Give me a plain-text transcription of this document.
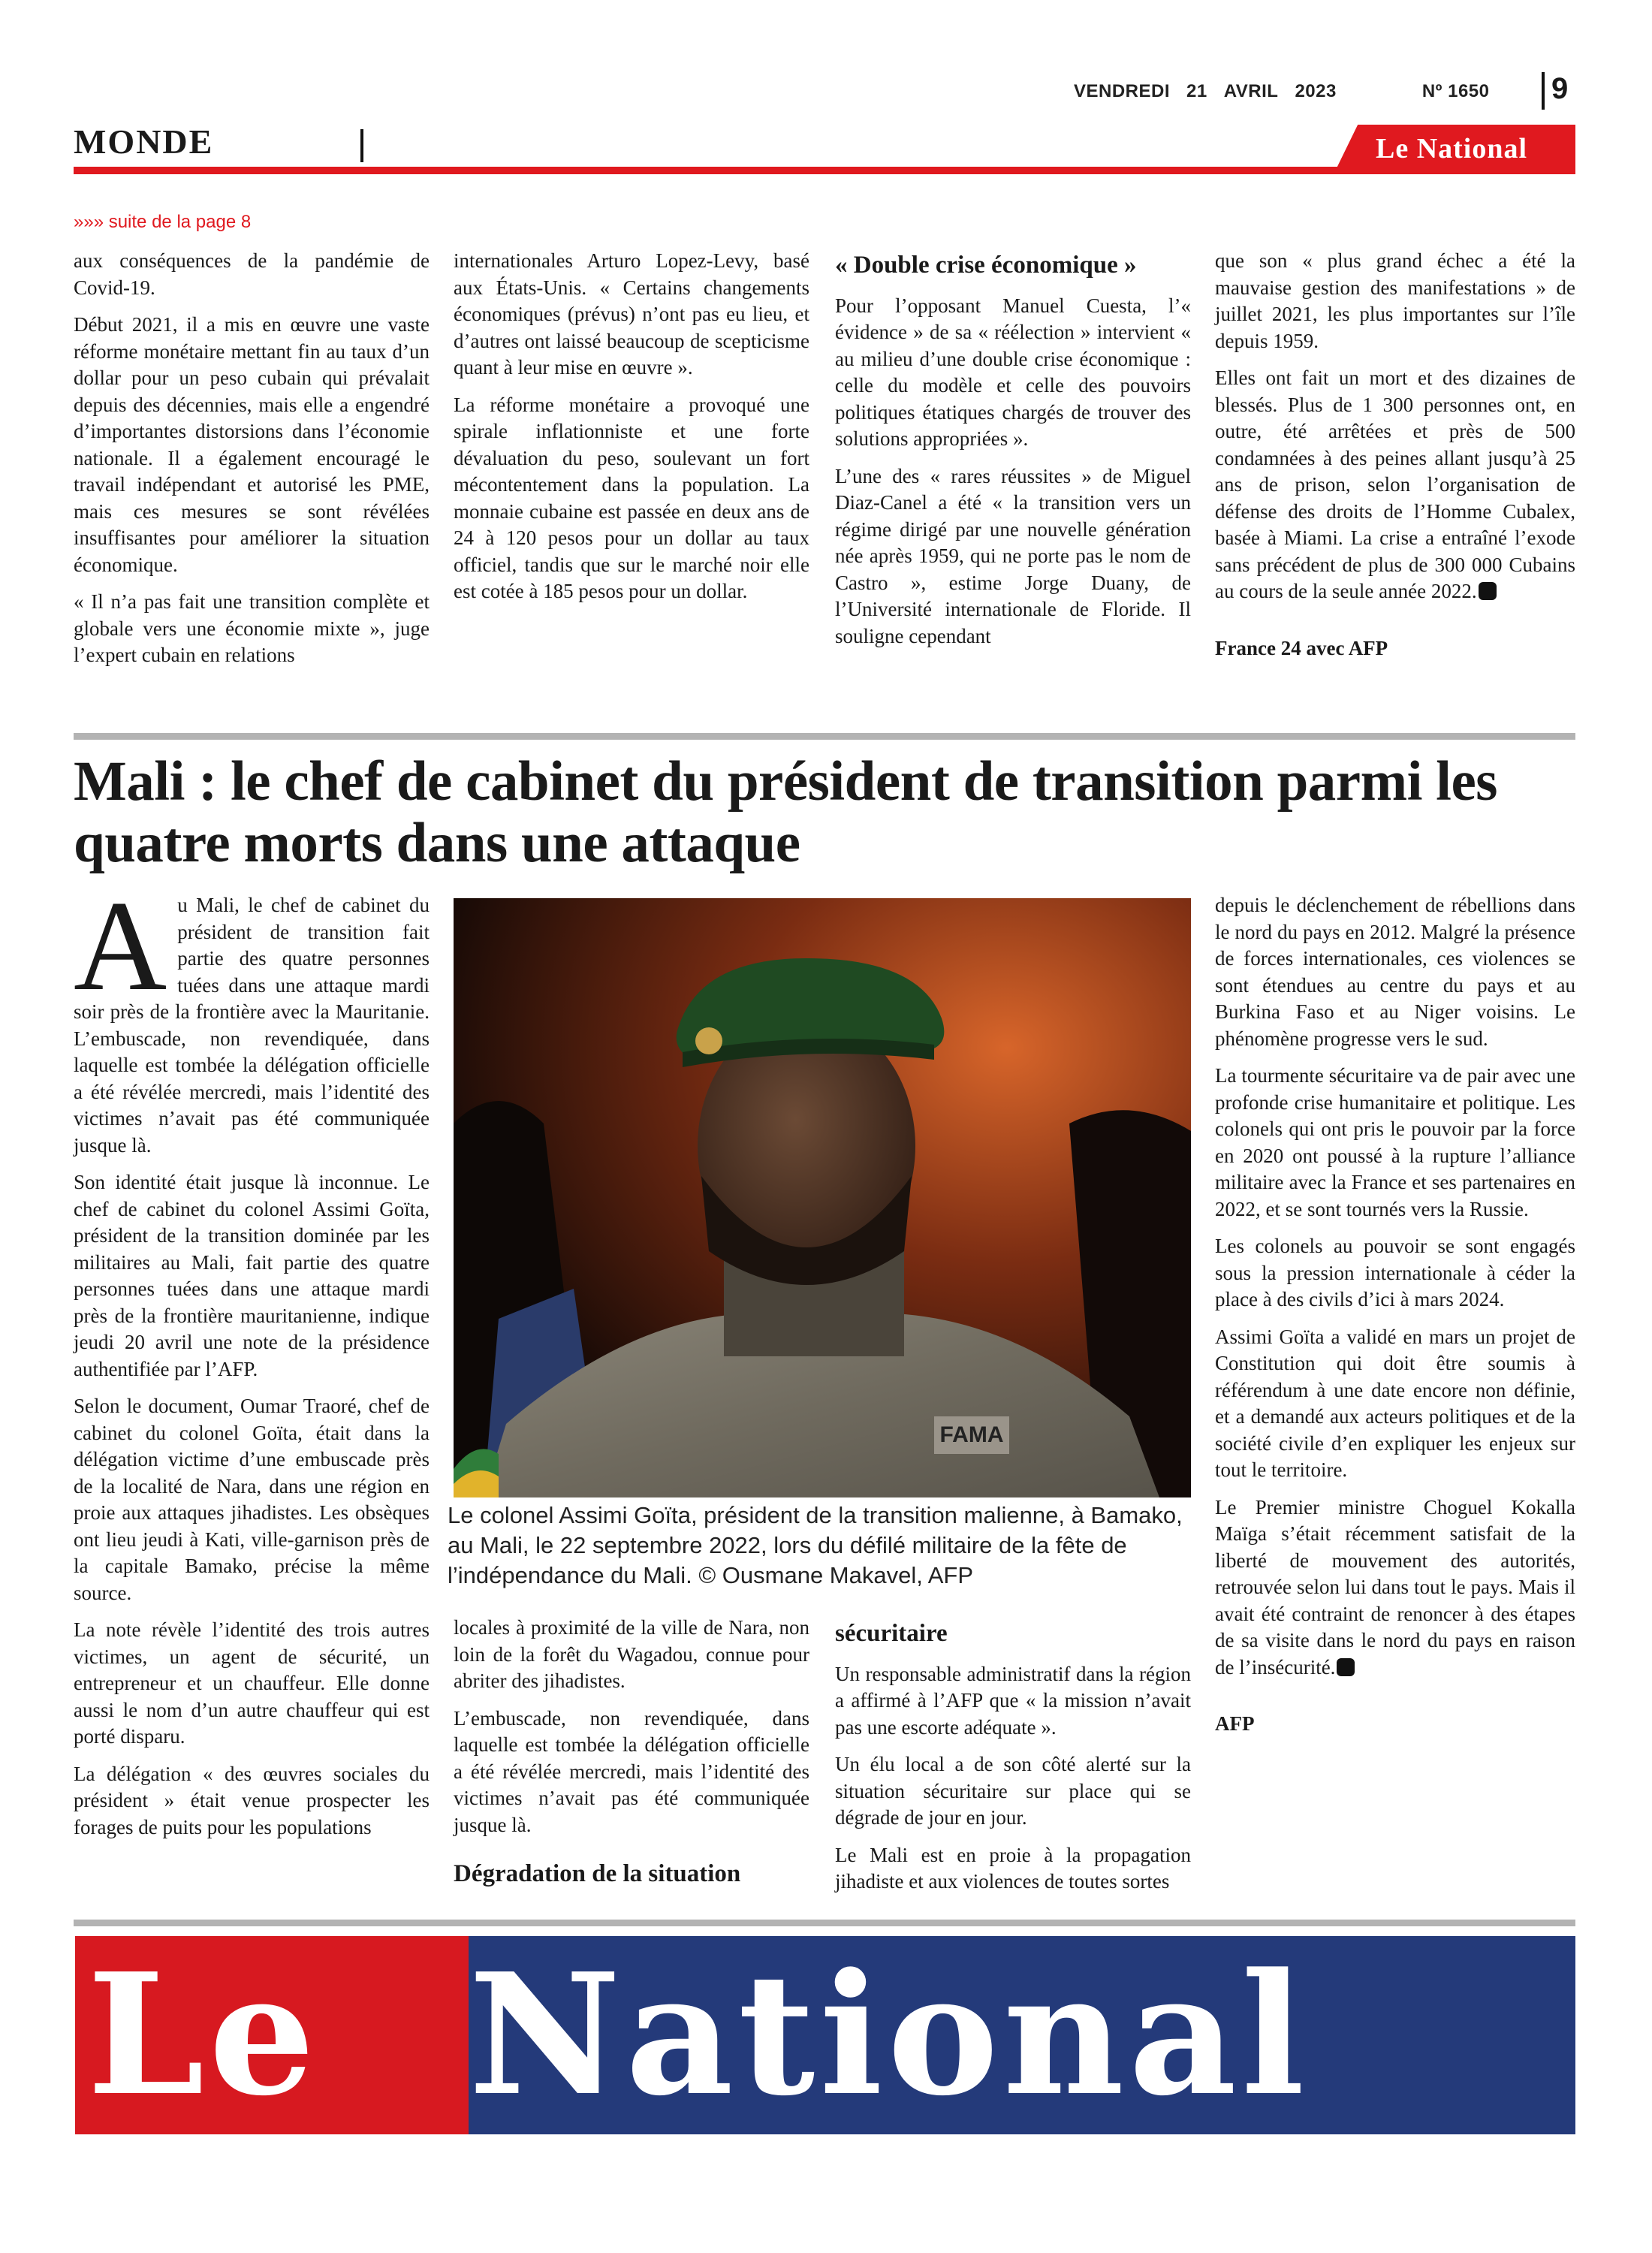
VENDREDI 21 AVRIL 2023	Nº 1650	9
MONDE	Le National
»»» suite de la page 8

aux conséquences de la pandémie de Covid-19.

Début 2021, il a mis en œuvre une vaste réforme monétaire mettant fin au taux d’un dollar pour un peso cubain qui prévalait depuis des décennies, mais elle a engendré d’importantes distorsions dans l’économie nationale. Il a également encouragé le travail indépendant et autorisé les PME, mais ces mesures se sont révélées insuffisantes pour améliorer la situation économique.

« Il n’a pas fait une transition complète et globale vers une économie mixte », juge l’expert cubain en relations

internationales Arturo Lopez-Levy, basé aux États-Unis. « Certains changements économiques (prévus) n’ont pas eu lieu, et d’autres ont laissé beaucoup de scepticisme quant à leur mise en œuvre ».

La réforme monétaire a provoqué une spirale inflationniste et une forte dévaluation du peso, soulevant un fort mécontentement dans la population. La monnaie cubaine est passée en deux ans de 24 à 120 pesos pour un dollar au taux officiel, tandis que sur le marché noir elle est cotée à 185 pesos pour un dollar.

« Double crise économique »

Pour l’opposant Manuel Cuesta, l’« évidence » de sa « réélection » intervient « au milieu d’une double crise économique : celle du modèle et celle des pouvoirs politiques étatiques chargés de trouver des solutions appropriées ».

L’une des « rares réussites » de Miguel Diaz-Canel a été « la transition vers un régime dirigé par une nouvelle génération née après 1959, qui ne porte pas le nom de Castro », estime Jorge Duany, de l’Université internationale de Floride. Il souligne cependant

que son « plus grand échec a été la mauvaise gestion des manifestations » de juillet 2021, les plus importantes sur l’île depuis 1959.

Elles ont fait un mort et des dizaines de blessés. Plus de 1 300 personnes ont, en outre, été arrêtées et près de 500 condamnées à des peines allant jusqu’à 25 ans de prison, selon l’organisation de défense des droits de l’Homme Cubalex, basée à Miami. La crise a entraîné l’exode sans précédent de plus de 300 000 Cubains au cours de la seule année 2022.

France 24 avec AFP

Mali : le chef de cabinet du président de transition parmi les quatre morts dans une attaque

Au Mali, le chef de cabinet du président de transition fait partie des quatre personnes tuées dans une attaque mardi soir près de la frontière avec la Mauritanie. L’embuscade, non revendiquée, dans laquelle est tombée la délégation officielle a été révélée mercredi, mais l’identité des victimes n’avait pas été communiquée jusque là.

Son identité était jusque là inconnue. Le chef de cabinet du colonel Assimi Goïta, président de la transition dominée par les militaires au Mali, fait partie des quatre personnes tuées dans une attaque mardi près de la frontière mauritanienne, indique jeudi 20 avril une note de la présidence authentifiée par l’AFP.

Selon le document, Oumar Traoré, chef de cabinet du colonel Goïta, était dans la délégation victime d’une embuscade près de la localité de Nara, dans une région en proie aux attaques jihadistes. Les obsèques ont lieu jeudi à Kati, ville-garnison près de la capitale Bamako, précise la même source.

La note révèle l’identité des trois autres victimes, un agent de sécurité, un entrepreneur et un chauffeur. Elle donne aussi le nom d’un autre chauffeur qui est porté disparu.

La délégation « des œuvres sociales du président » était venue prospecter les forages de puits pour les populations

FAMA
Le colonel Assimi Goïta, président de la transition malienne, à Bamako, au Mali, le 22 septembre 2022, lors du défilé militaire de la fête de l’indépendance du Mali. © Ousmane Makavel, AFP

locales à proximité de la ville de Nara, non loin de la forêt du Wagadou, connue pour abriter des jihadistes.

L’embuscade, non revendiquée, dans laquelle est tombée la délégation officielle a été révélée mercredi, mais l’identité des victimes n’avait pas été communiquée jusque là.

Dégradation de la situation
sécuritaire

Un responsable administratif dans la région a affirmé à l’AFP que « la mission n’avait pas une escorte adéquate ».

Un élu local a de son côté alerté sur la situation sécuritaire sur place qui se dégrade de jour en jour.

Le Mali est en proie à la propagation jihadiste et aux violences de toutes sortes

depuis le déclenchement de rébellions dans le nord du pays en 2012. Malgré la présence de forces internationales, ces violences se sont étendues au centre du pays et au Burkina Faso et au Niger voisins. Le phénomène progresse vers le sud.

La tourmente sécuritaire va de pair avec une profonde crise humanitaire et politique. Les colonels qui ont pris le pouvoir par la force en 2020 ont poussé à la rupture l’alliance militaire avec la France et ses partenaires en 2022, et se sont tournés vers la Russie.

Les colonels au pouvoir se sont engagés sous la pression internationale à céder la place à des civils d’ici à mars 2024.

Assimi Goïta a validé en mars un projet de Constitution qui doit être soumis à référendum à une date encore non définie, et a demandé aux acteurs politiques et de la société civile d’en expliquer les enjeux sur tout le territoire.

Le Premier ministre Choguel Kokalla Maïga s’était récemment satisfait de la liberté de mouvement des autorités, retrouvée selon lui dans tout le pays. Mais il avait été contraint de renoncer à des étapes de sa visite dans le nord du pays en raison de l’insécurité.

AFP

Le National
